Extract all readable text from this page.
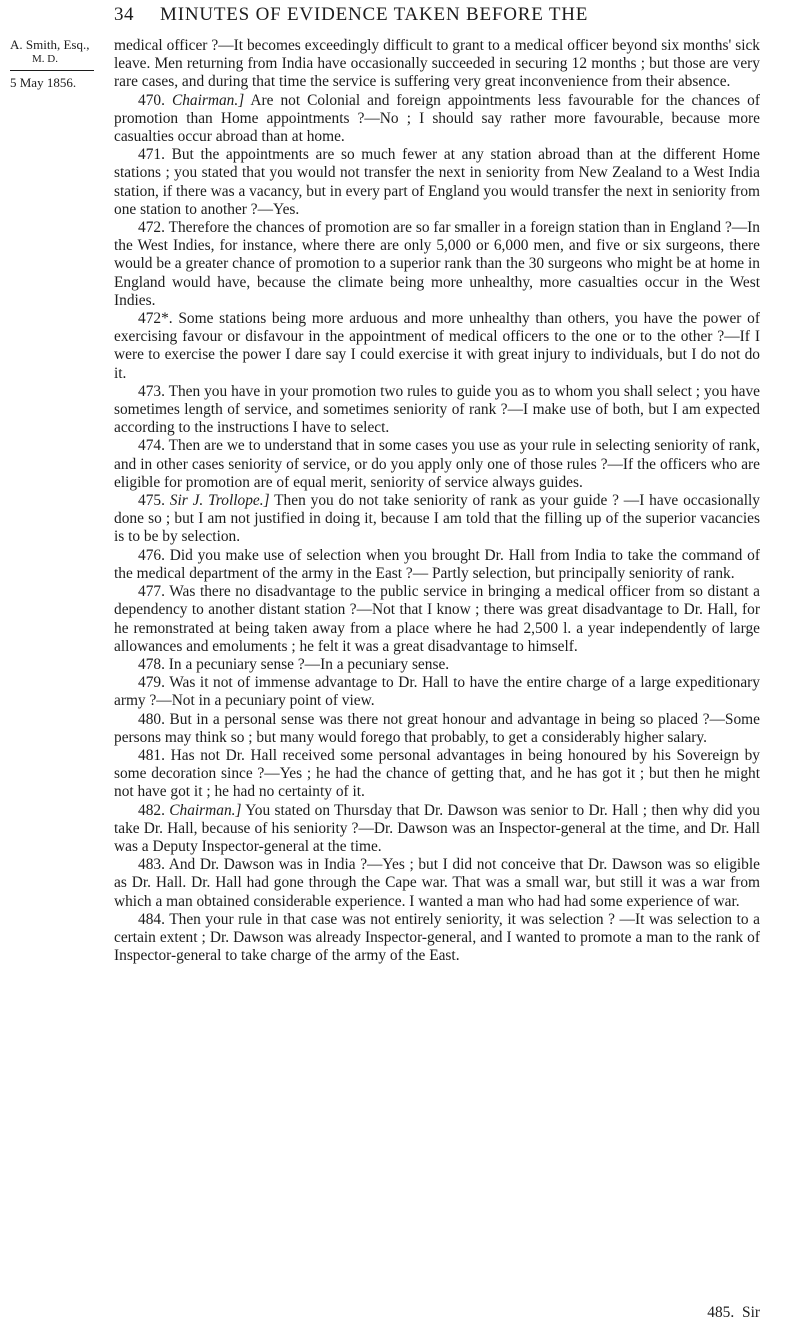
34 MINUTES OF EVIDENCE TAKEN BEFORE THE
A. Smith, Esq.,
M. D.
5 May 1856.

medical officer ?—It becomes exceedingly difficult to grant to a medical officer beyond six months' sick leave. Men returning from India have occasionally succeeded in securing 12 months ; but those are very rare cases, and during that time the service is suffering very great inconvenience from their absence.

470. Chairman.] Are not Colonial and foreign appointments less favourable for the chances of promotion than Home appointments ?—No ; I should say rather more favourable, because more casualties occur abroad than at home.

471. But the appointments are so much fewer at any station abroad than at the different Home stations ; you stated that you would not transfer the next in seniority from New Zealand to a West India station, if there was a vacancy, but in every part of England you would transfer the next in seniority from one station to another ?—Yes.

472. Therefore the chances of promotion are so far smaller in a foreign station than in England ?—In the West Indies, for instance, where there are only 5,000 or 6,000 men, and five or six surgeons, there would be a greater chance of promotion to a superior rank than the 30 surgeons who might be at home in England would have, because the climate being more unhealthy, more casualties occur in the West Indies.

472*. Some stations being more arduous and more unhealthy than others, you have the power of exercising favour or disfavour in the appointment of medical officers to the one or to the other ?—If I were to exercise the power I dare say I could exercise it with great injury to individuals, but I do not do it.

473. Then you have in your promotion two rules to guide you as to whom you shall select ; you have sometimes length of service, and sometimes seniority of rank ?—I make use of both, but I am expected according to the instructions I have to select.

474. Then are we to understand that in some cases you use as your rule in selecting seniority of rank, and in other cases seniority of service, or do you apply only one of those rules ?—If the officers who are eligible for promotion are of equal merit, seniority of service always guides.

475. Sir J. Trollope.] Then you do not take seniority of rank as your guide ? —I have occasionally done so ; but I am not justified in doing it, because I am told that the filling up of the superior vacancies is to be by selection.

476. Did you make use of selection when you brought Dr. Hall from India to take the command of the medical department of the army in the East ?— Partly selection, but principally seniority of rank.

477. Was there no disadvantage to the public service in bringing a medical officer from so distant a dependency to another distant station ?—Not that I know ; there was great disadvantage to Dr. Hall, for he remonstrated at being taken away from a place where he had 2,500 l. a year independently of large allowances and emoluments ; he felt it was a great disadvantage to himself.

478. In a pecuniary sense ?—In a pecuniary sense.

479. Was it not of immense advantage to Dr. Hall to have the entire charge of a large expeditionary army ?—Not in a pecuniary point of view.

480. But in a personal sense was there not great honour and advantage in being so placed ?—Some persons may think so ; but many would forego that probably, to get a considerably higher salary.

481. Has not Dr. Hall received some personal advantages in being honoured by his Sovereign by some decoration since ?—Yes ; he had the chance of getting that, and he has got it ; but then he might not have got it ; he had no certainty of it.

482. Chairman.] You stated on Thursday that Dr. Dawson was senior to Dr. Hall ; then why did you take Dr. Hall, because of his seniority ?—Dr. Dawson was an Inspector-general at the time, and Dr. Hall was a Deputy Inspector-general at the time.

483. And Dr. Dawson was in India ?—Yes ; but I did not conceive that Dr. Dawson was so eligible as Dr. Hall. Dr. Hall had gone through the Cape war. That was a small war, but still it was a war from which a man obtained considerable experience. I wanted a man who had had some experience of war.

484. Then your rule in that case was not entirely seniority, it was selection ? —It was selection to a certain extent ; Dr. Dawson was already Inspector-general, and I wanted to promote a man to the rank of Inspector-general to take charge of the army of the East.

485. Sir
